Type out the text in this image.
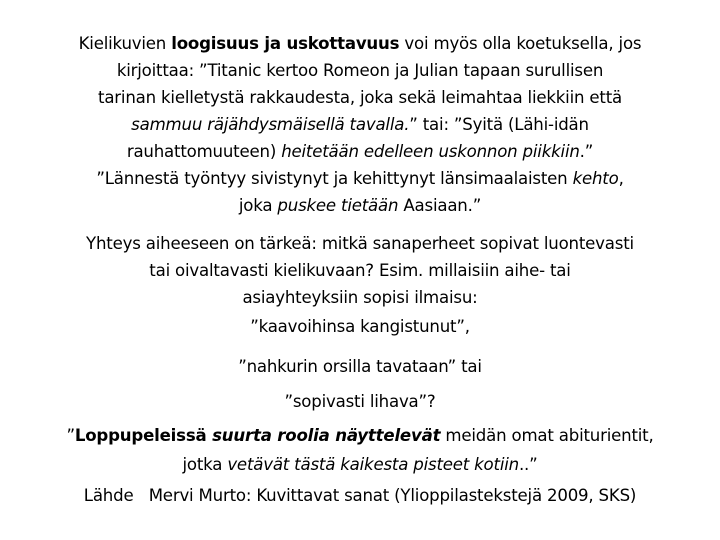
Kielikuvien loogisuus ja uskottavuus voi myös olla koetuksella, jos
kirjoittaa: ”Titanic kertoo Romeon ja Julian tapaan surullisen
tarinan kielletystä rakkaudesta, joka sekä leimahtaa liekkiin että
sammuu räjähdysmäisellä tavalla.” tai: ”Syitä (Lähi-idän
rauhattomuuteen) heitetään edelleen uskonnon piikkiin.”
”Lännestä työntyy sivistynyt ja kehittynyt länsimaalaisten kehto,
joka puskee tietään Aasiaan.”
Yhteys aiheeseen on tärkeä: mitkä sanaperheet sopivat luontevasti
tai oivaltavasti kielikuvaan? Esim. millaisiin aihe- tai
asiayhteyksiin sopisi ilmaisu:
”kaavoihinsa kangistunut”,
”nahkurin orsilla tavataan” tai
”sopivasti lihava”?
”Loppupeleissä suurta roolia näyttelevät meidän omat abiturientit,
jotka vetävät tästä kaikesta pisteet kotiin..”
Lähde   Mervi Murto: Kuvittavat sanat (Ylioppilastekstejä 2009, SKS)
